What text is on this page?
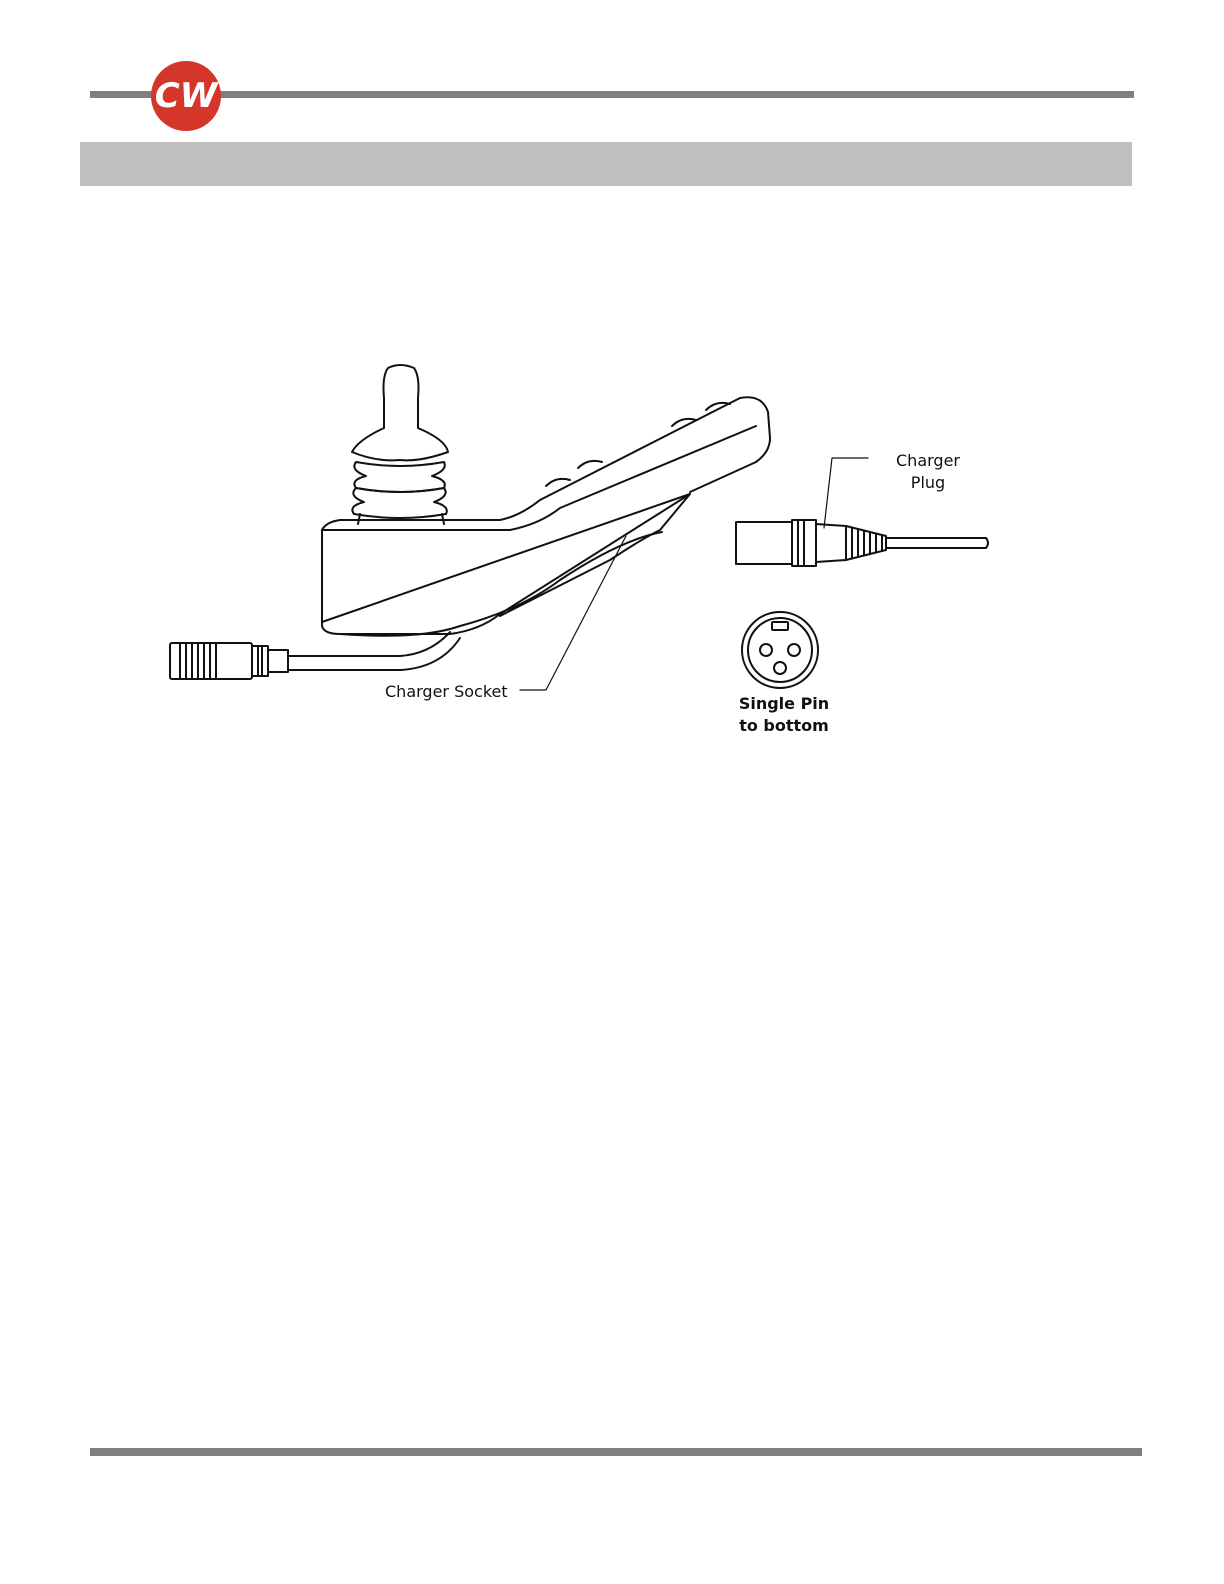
CW
Charger
Plug
Charger Socket
Single Pin
to bottom
